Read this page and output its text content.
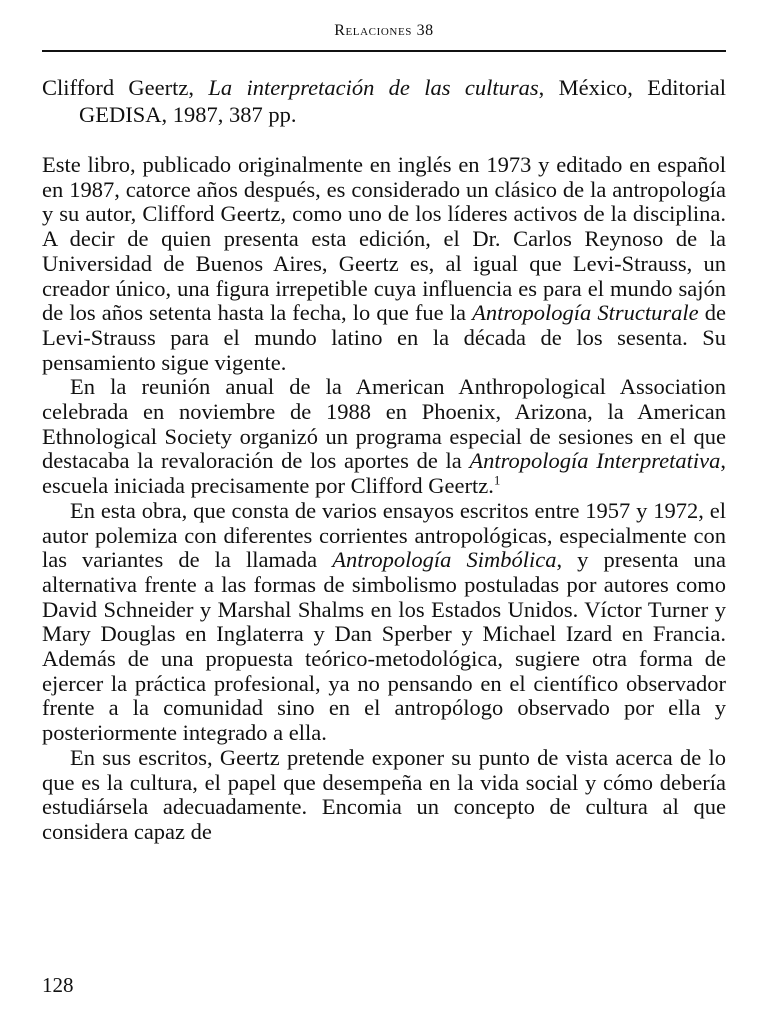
Relaciones 38

Clifford Geertz, La interpretación de las culturas, México, Editorial GEDISA, 1987, 387 pp.

Este libro, publicado originalmente en inglés en 1973 y editado en español en 1987, catorce años después, es considerado un clásico de la antropología y su autor, Clifford Geertz, como uno de los líderes activos de la disciplina. A decir de quien presenta esta edición, el Dr. Carlos Reynoso de la Universidad de Buenos Aires, Geertz es, al igual que Levi-Strauss, un creador único, una figura irrepetible cuya influencia es para el mundo sajón de los años setenta hasta la fecha, lo que fue la Antropología Structurale de Levi-Strauss para el mundo latino en la década de los sesenta. Su pensamiento sigue vigente.

En la reunión anual de la American Anthropological Association celebrada en noviembre de 1988 en Phoenix, Arizona, la American Ethnological Society organizó un programa especial de sesiones en el que destacaba la revaloración de los aportes de la Antropología Interpretativa, escuela iniciada precisamente por Clifford Geertz.$^1$

En esta obra, que consta de varios ensayos escritos entre 1957 y 1972, el autor polemiza con diferentes corrientes antropológicas, especialmente con las variantes de la llamada Antropología Simbólica, y presenta una alternativa frente a las formas de simbolismo postuladas por autores como David Schneider y Marshal Shalms en los Estados Unidos. Víctor Turner y Mary Douglas en Inglaterra y Dan Sperber y Michael Izard en Francia. Además de una propuesta teórico-metodológica, sugiere otra forma de ejercer la práctica profesional, ya no pensando en el científico observador frente a la comunidad sino en el antropólogo observado por ella y posteriormente integrado a ella.

En sus escritos, Geertz pretende exponer su punto de vista acerca de lo que es la cultura, el papel que desempeña en la vida social y cómo debería estudiársela adecuadamente. Encomia un concepto de cultura al que considera capaz de

128
